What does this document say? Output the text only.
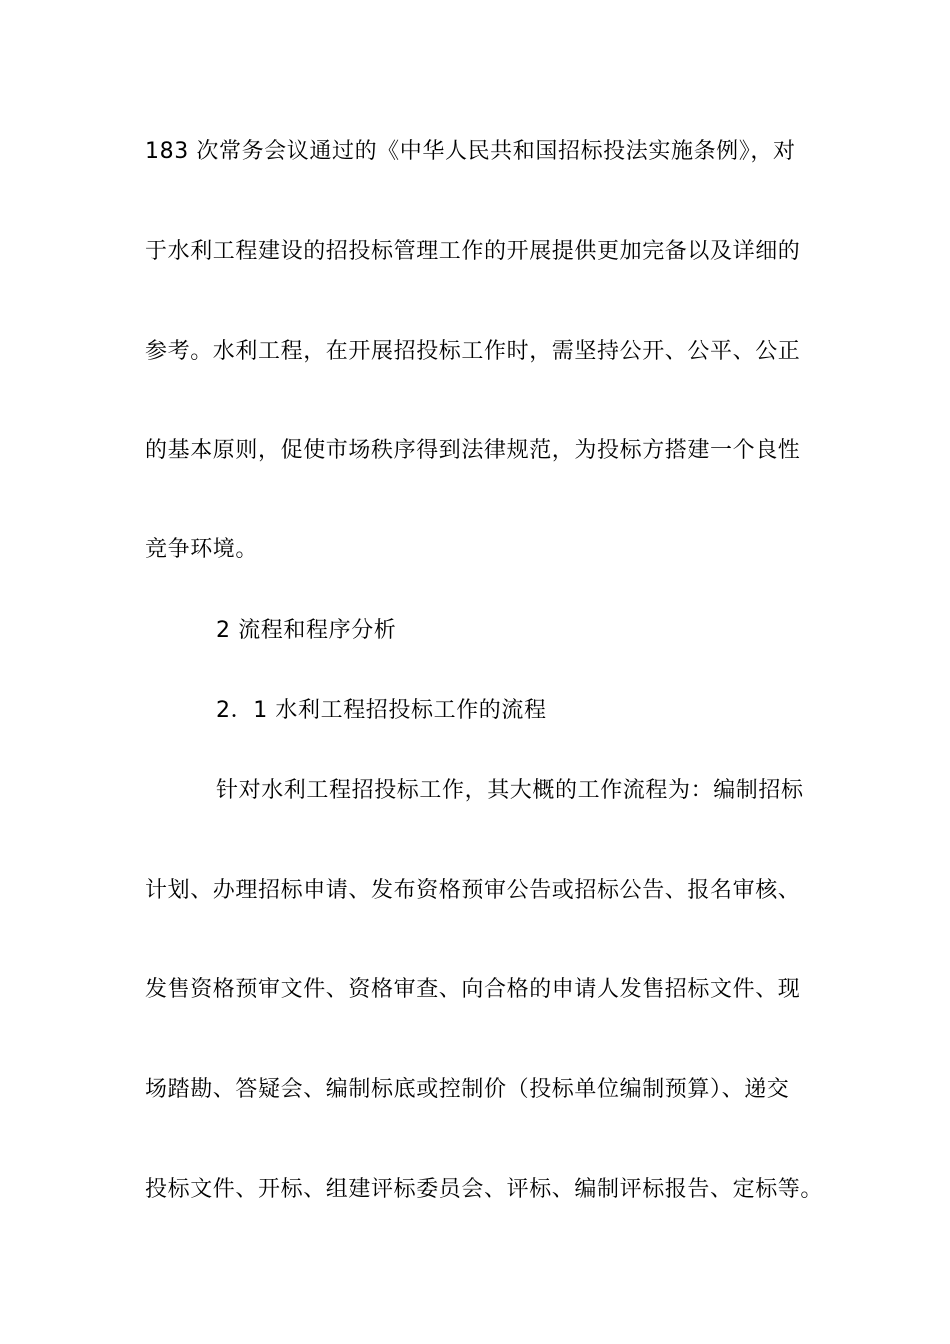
183 次常务会议通过的《中华人民共和国招标投法实施条例》，对
于水利工程建设的招投标管理工作的开展提供更加完备以及详细的
参考。水利工程，在开展招投标工作时，需坚持公开、公平、公正
的基本原则，促使市场秩序得到法律规范，为投标方搭建一个良性
竞争环境。
2 流程和程序分析
2．1 水利工程招投标工作的流程
针对水利工程招投标工作，其大概的工作流程为：编制招标
计划、办理招标申请、发布资格预审公告或招标公告、报名审核、
发售资格预审文件、资格审查、向合格的申请人发售招标文件、现
场踏勘、答疑会、编制标底或控制价（投标单位编制预算）、递交
投标文件、开标、组建评标委员会、评标、编制评标报告、定标等。
